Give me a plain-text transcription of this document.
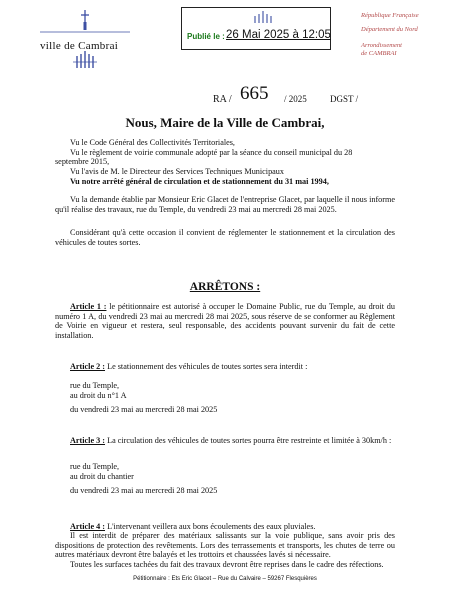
ville de Cambrai
Publié le : 26 Mai 2025 à 12:05
République Française
Département du Nord
Arrondissement
de CAMBRAI
RA / 665 / 2025	DGST /
Nous, Maire de la Ville de Cambrai,
Vu le Code Général des Collectivités Territoriales,
Vu le règlement de voirie communale adopté par la séance du conseil municipal du 28
septembre 2015,
Vu l'avis de M. le Directeur des Services Techniques Municipaux
Vu notre arrêté général de circulation et de stationnement du 31 mai 1994,
Vu la demande établie par Monsieur Eric Glacet de l'entreprise Glacet, par laquelle il nous informe qu'il réalise des travaux, rue du Temple, du vendredi 23 mai au mercredi 28 mai 2025.
Considérant qu'à cette occasion il convient de réglementer le stationnement et la circulation des véhicules de toutes sortes.
ARRÊTONS :
Article 1 : le pétitionnaire est autorisé à occuper le Domaine Public, rue du Temple, au droit du numéro 1 A, du vendredi 23 mai au mercredi 28 mai 2025, sous réserve de se conformer au Règlement de Voirie en vigueur et restera, seul responsable, des accidents pouvant survenir du fait de cette installation.
Article 2 : Le stationnement des véhicules de toutes sortes sera interdit :
rue du Temple,
au droit du n°1 A
du vendredi 23 mai au mercredi 28 mai 2025
Article 3 : La circulation des véhicules de toutes sortes pourra être restreinte et limitée à 30km/h :
rue du Temple,
au droit du chantier
du vendredi 23 mai au mercredi 28 mai 2025
Article 4 : L'intervenant veillera aux bons écoulements des eaux pluviales.
Il est interdit de préparer des matériaux salissants sur la voie publique, sans avoir pris des dispositions de protection des revêtements. Lors des terrassements et transports, les chutes de terre ou autres matériaux devront être balayés et les trottoirs et chaussées lavés si nécessaire.
Toutes les surfaces tachées du fait des travaux devront être reprises dans le cadre des réfections.
Pétitionnaire : Ets Eric Glacet – Rue du Calvaire – 59267 Flesquières
